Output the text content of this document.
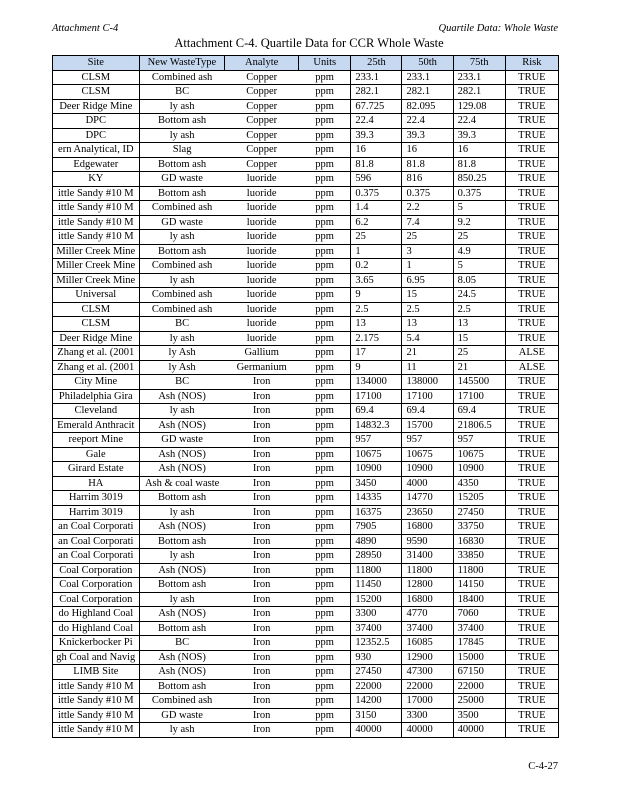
Attachment C-4	Quartile Data: Whole Waste
Attachment C-4. Quartile Data for CCR Whole Waste
Site	New WasteType	Analyte	Units	25th	50th	75th	Risk
CLSM	Combined ash	Copper	ppm	233.1	233.1	233.1	TRUE
CLSM	BC	Copper	ppm	282.1	282.1	282.1	TRUE
Deer Ridge Mine	ly ash	Copper	ppm	67.725	82.095	129.08	TRUE
DPC	Bottom ash	Copper	ppm	22.4	22.4	22.4	TRUE
DPC	ly ash	Copper	ppm	39.3	39.3	39.3	TRUE
ern Analytical, ID	Slag	Copper	ppm	16	16	16	TRUE
Edgewater	Bottom ash	Copper	ppm	81.8	81.8	81.8	TRUE
KY	GD waste	luoride	ppm	596	816	850.25	TRUE
ittle Sandy #10 M	Bottom ash	luoride	ppm	0.375	0.375	0.375	TRUE
ittle Sandy #10 M	Combined ash	luoride	ppm	1.4	2.2	5	TRUE
ittle Sandy #10 M	GD waste	luoride	ppm	6.2	7.4	9.2	TRUE
ittle Sandy #10 M	ly ash	luoride	ppm	25	25	25	TRUE
Miller Creek Mine	Bottom ash	luoride	ppm	1	3	4.9	TRUE
Miller Creek Mine	Combined ash	luoride	ppm	0.2	1	5	TRUE
Miller Creek Mine	ly ash	luoride	ppm	3.65	6.95	8.05	TRUE
Universal	Combined ash	luoride	ppm	9	15	24.5	TRUE
CLSM	Combined ash	luoride	ppm	2.5	2.5	2.5	TRUE
CLSM	BC	luoride	ppm	13	13	13	TRUE
Deer Ridge Mine	ly ash	luoride	ppm	2.175	5.4	15	TRUE
Zhang et al. (2001	ly Ash	Gallium	ppm	17	21	25	ALSE
Zhang et al. (2001	ly Ash	Germanium	ppm	9	11	21	ALSE
City Mine	BC	Iron	ppm	134000	138000	145500	TRUE
Philadelphia Gira	Ash (NOS)	Iron	ppm	17100	17100	17100	TRUE
Cleveland	ly ash	Iron	ppm	69.4	69.4	69.4	TRUE
Emerald Anthracit	Ash (NOS)	Iron	ppm	14832.3	15700	21806.5	TRUE
reeport Mine	GD waste	Iron	ppm	957	957	957	TRUE
Gale	Ash (NOS)	Iron	ppm	10675	10675	10675	TRUE
Girard Estate	Ash (NOS)	Iron	ppm	10900	10900	10900	TRUE
HA	Ash & coal waste	Iron	ppm	3450	4000	4350	TRUE
Harrim 3019	Bottom ash	Iron	ppm	14335	14770	15205	TRUE
Harrim 3019	ly ash	Iron	ppm	16375	23650	27450	TRUE
an Coal Corporati	Ash (NOS)	Iron	ppm	7905	16800	33750	TRUE
an Coal Corporati	Bottom ash	Iron	ppm	4890	9590	16830	TRUE
an Coal Corporati	ly ash	Iron	ppm	28950	31400	33850	TRUE
Coal Corporation	Ash (NOS)	Iron	ppm	11800	11800	11800	TRUE
Coal Corporation	Bottom ash	Iron	ppm	11450	12800	14150	TRUE
Coal Corporation	ly ash	Iron	ppm	15200	16800	18400	TRUE
do Highland Coal	Ash (NOS)	Iron	ppm	3300	4770	7060	TRUE
do Highland Coal	Bottom ash	Iron	ppm	37400	37400	37400	TRUE
Knickerbocker Pi	BC	Iron	ppm	12352.5	16085	17845	TRUE
gh Coal and Navig	Ash (NOS)	Iron	ppm	930	12900	15000	TRUE
LIMB Site	Ash (NOS)	Iron	ppm	27450	47300	67150	TRUE
ittle Sandy #10 M	Bottom ash	Iron	ppm	22000	22000	22000	TRUE
ittle Sandy #10 M	Combined ash	Iron	ppm	14200	17000	25000	TRUE
ittle Sandy #10 M	GD waste	Iron	ppm	3150	3300	3500	TRUE
ittle Sandy #10 M	ly ash	Iron	ppm	40000	40000	40000	TRUE
C-4-27
